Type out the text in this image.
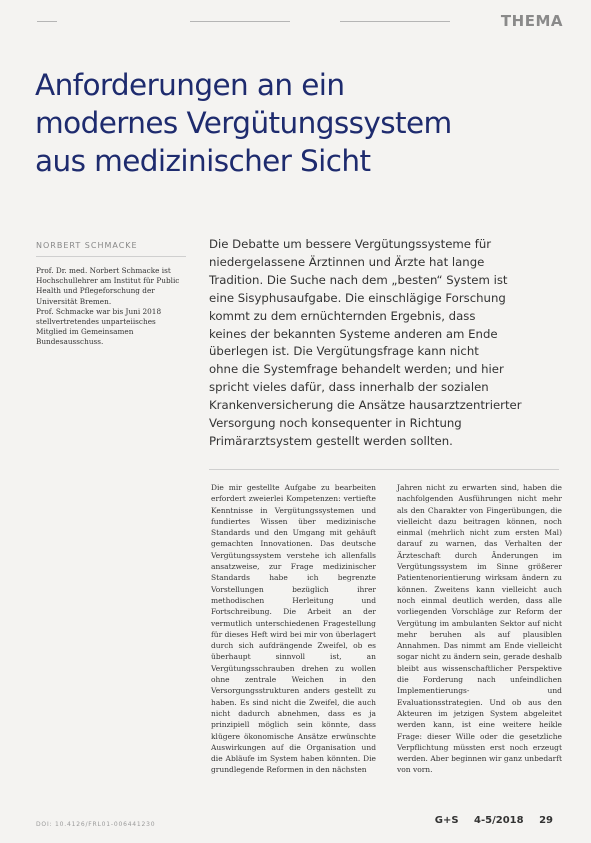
THEMA
Anforderungen an ein
modernes Vergütungssystem
aus medizinischer Sicht
NORBERT SCHMACKE

Prof. Dr. med. Norbert Schmacke ist Hochschullehrer am Institut für Public Health und Pflegeforschung der Universität Bremen.

Prof. Schmacke war bis Juni 2018 stellvertretendes unparteiisches Mitglied im Gemeinsamen Bundesausschuss.

Die Debatte um bessere Vergütungssysteme für
niedergelassene Ärztinnen und Ärzte hat lange
Tradition. Die Suche nach dem „besten“ System ist
eine Sisyphusaufgabe. Die einschlägige Forschung
kommt zu dem ernüchternden Ergebnis, dass
keines der bekannten Systeme anderen am Ende
überlegen ist. Die Vergütungsfrage kann nicht
ohne die Systemfrage behandelt werden; und hier
spricht vieles dafür, dass innerhalb der sozialen
Krankenversicherung die Ansätze hausarztzentrierter
Versorgung noch konsequenter in Richtung
Primärarztsystem gestellt werden sollten.
Die mir gestellte Aufgabe zu bearbeiten erfordert zweierlei Kompetenzen: vertiefte Kenntnisse in Vergütungssystemen und fundiertes Wissen über medizinische Standards und den Umgang mit gehäuft gemachten Innovationen. Das deutsche Vergütungssystem verstehe ich allenfalls ansatzweise, zur Frage medizinischer Standards habe ich begrenzte Vorstellungen bezüglich ihrer methodischen Herleitung und Fortschreibung. Die Arbeit an der vermutlich unterschiedenen Fragestellung für dieses Heft wird bei mir von überlagert durch sich aufdrängende Zweifel, ob es überhaupt sinnvoll ist, an Vergütungsschrauben drehen zu wollen ohne zentrale Weichen in den Versorgungsstrukturen anders gestellt zu haben. Es sind nicht die Zweifel, die auch nicht dadurch abnehmen, dass es ja prinzipiell möglich sein könnte, dass klügere ökonomische Ansätze erwünschte Auswirkungen auf die Organisation und die Abläufe im System haben könnten. Die grundlegende Reformen in den nächsten
Jahren nicht zu erwarten sind, haben die nachfolgenden Ausführungen nicht mehr als den Charakter von Fingerübungen, die vielleicht dazu beitragen können, noch einmal (mehrlich nicht zum ersten Mal) darauf zu warnen, das Verhalten der Ärzteschaft durch Änderungen im Vergütungssystem im Sinne größerer Patientenorientierung wirksam ändern zu können. Zweitens kann vielleicht auch noch einmal deutlich werden, dass alle vorliegenden Vorschläge zur Reform der Vergütung im ambulanten Sektor auf nicht mehr beruhen als auf plausiblen Annahmen. Das nimmt am Ende vielleicht sogar nicht zu ändern sein, gerade deshalb bleibt aus wissenschaftlicher Perspektive die Forderung nach unfeindlichen Implementierungs- und Evaluationsstrategien. Und ob aus den Akteuren im jetzigen System abgeleitet werden kann, ist eine weitere heikle Frage: dieser Wille oder die gesetzliche Verpflichtung müssten erst noch erzeugt werden. Aber beginnen wir ganz unbedarft von vorn.
DOI: 10.4126/FRL01-006441230	G+S 4-5/2018 29
